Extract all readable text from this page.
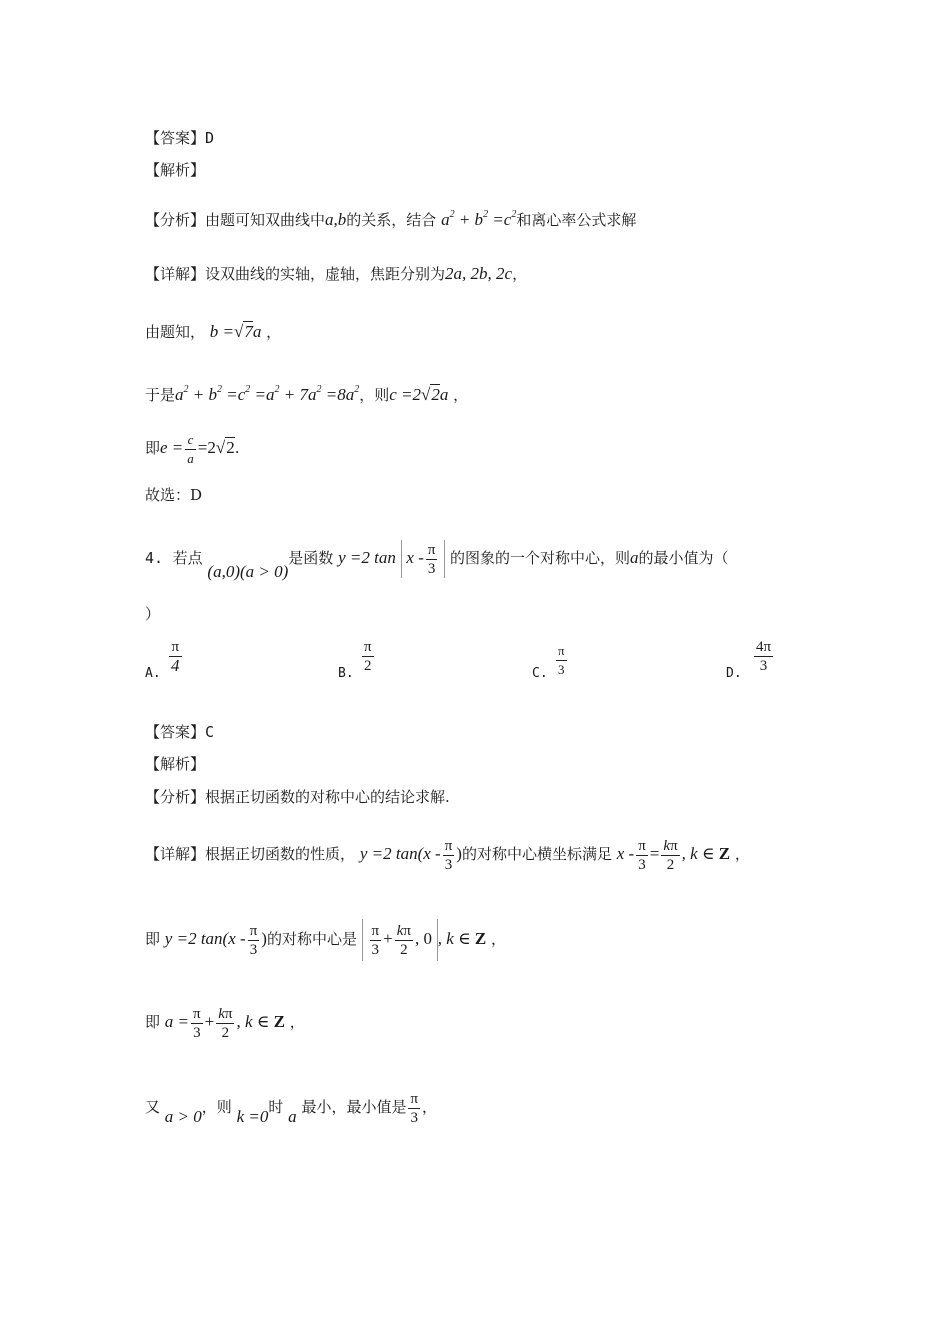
【答案】D
【解析】
【分析】由题可知双曲线中a,b的关系，结合 $a^2 + b^2 =c^2$和离心率公式求解
【详解】设双曲线的实轴，虚轴，焦距分别为2a, 2b, 2c，
由题知， b =√7a ，
于是$a^2 + b^2 =c^2 =a^2 + 7a^2 =8a^2$，则c =2√2a ，
即$e = \frac{c}{a} =2√2$.
故选：D
4. 若点 (a,0)(a > 0)是函数 y =2 tan x - $\frac{\pi}{3}$ 的图象的一个对称中心，则a的最小值为（
）
A. $\frac{\pi}{4}$	B. $\frac{\pi}{2}$	C. $\frac{\pi}{3}$	D. $\frac{4\pi}{3}$
【答案】C
【解析】
【分析】根据正切函数的对称中心的结论求解.
【详解】根据正切函数的性质， y =2 $\tan(x - \frac{\pi}{3}$ )的对称中心横坐标满足 $x - \frac{\pi}{3} = \frac{k\pi}{2}$ , k ∈ Z ，
即 y =2 $\tan(x - \frac{\pi}{3}$ )的对称中心是 $\frac{\pi}{3} + \frac{k\pi}{2}$ , 0 , k ∈ Z ，
即 $a = \frac{\pi}{3} + \frac{k\pi}{2}$ , k ∈ Z ，
又 a > 0，则 k =0时 a 最小，最小值是 $\frac{\pi}{3}$ ，
